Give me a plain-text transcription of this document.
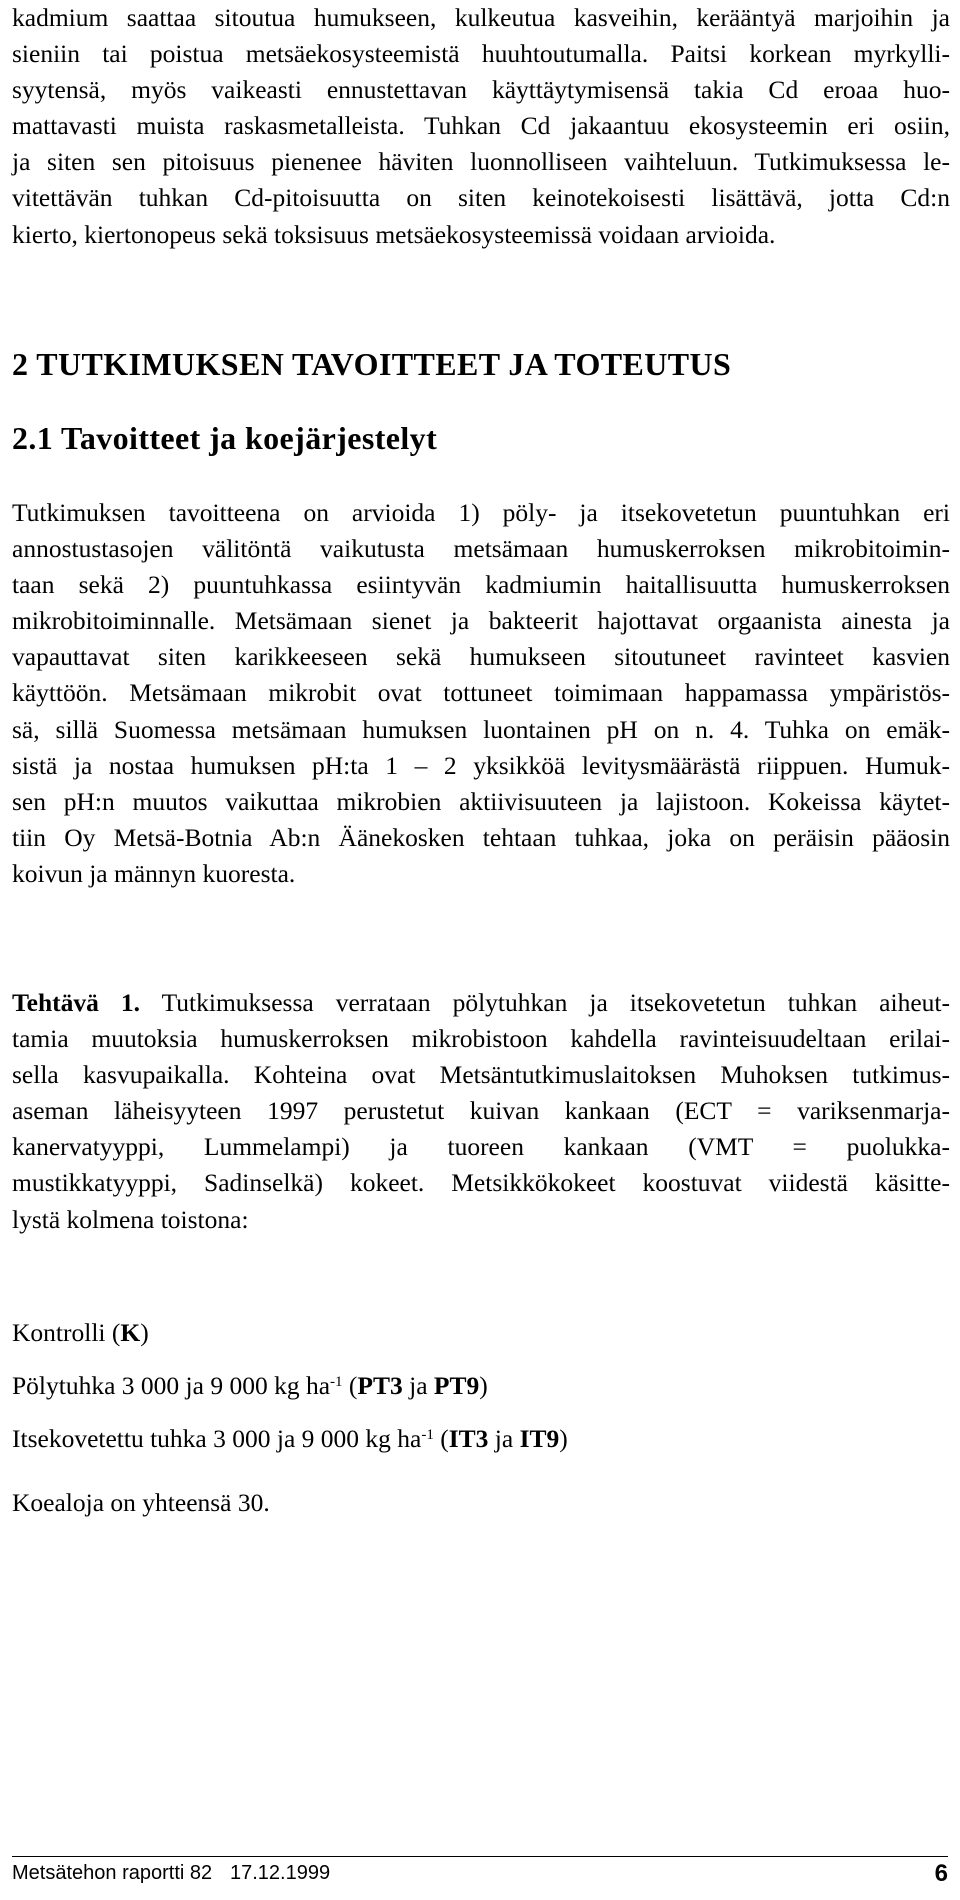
kadmium saattaa sitoutua humukseen, kulkeutua kasveihin, kerääntyä marjoihin ja
sieniin tai poistua metsäekosysteemistä huuhtoutumalla. Paitsi korkean myrkylli-
syytensä, myös vaikeasti ennustettavan käyttäytymisensä takia Cd eroaa huo-
mattavasti muista raskasmetalleista. Tuhkan Cd jakaantuu ekosysteemin eri osiin,
ja siten sen pitoisuus pienenee häviten luonnolliseen vaihteluun. Tutkimuksessa le-
vitettävän tuhkan Cd-pitoisuutta on siten keinotekoisesti lisättävä, jotta Cd:n
kierto, kiertonopeus sekä toksisuus metsäekosysteemissä voidaan arvioida.

2 TUTKIMUKSEN TAVOITTEET JA TOTEUTUS
2.1 Tavoitteet ja koejärjestelyt

Tutkimuksen tavoitteena on arvioida 1) pöly- ja itsekovetetun puuntuhkan eri
annostustasojen välitöntä vaikutusta metsämaan humuskerroksen mikrobitoimin-
taan sekä 2) puuntuhkassa esiintyvän kadmiumin haitallisuutta humuskerroksen
mikrobitoiminnalle. Metsämaan sienet ja bakteerit hajottavat orgaanista ainesta ja
vapauttavat siten karikkeeseen sekä humukseen sitoutuneet ravinteet kasvien
käyttöön. Metsämaan mikrobit ovat tottuneet toimimaan happamassa ympäristös-
sä, sillä Suomessa metsämaan humuksen luontainen pH on n. 4. Tuhka on emäk-
sistä ja nostaa humuksen pH:ta 1 – 2 yksikköä levitysmäärästä riippuen. Humuk-
sen pH:n muutos vaikuttaa mikrobien aktiivisuuteen ja lajistoon. Kokeissa käytet-
tiin Oy Metsä-Botnia Ab:n Äänekosken tehtaan tuhkaa, joka on peräisin pääosin
koivun ja männyn kuoresta.

Tehtävä 1. Tutkimuksessa verrataan pölytuhkan ja itsekovetetun tuhkan aiheut-
tamia muutoksia humuskerroksen mikrobistoon kahdella ravinteisuudeltaan erilai-
sella kasvupaikalla. Kohteina ovat Metsäntutkimuslaitoksen Muhoksen tutkimus-
aseman läheisyyteen 1997 perustetut kuivan kankaan (ECT = variksenmarja-
kanervatyyppi, Lummelampi) ja tuoreen kankaan (VMT = puolukka-
mustikkatyyppi, Sadinselkä) kokeet. Metsikkökokeet koostuvat viidestä käsitte-
lystä kolmena toistona:

Kontrolli (K)

Pölytuhka 3 000 ja 9 000 kg $ha^{-1}$ (PT3 ja PT9)

Itsekovetettu tuhka 3 000 ja 9 000 kg $ha^{-1}$ (IT3 ja IT9)

Koealoja on yhteensä 30.

Metsätehon raportti 82 17.12.1999	6
